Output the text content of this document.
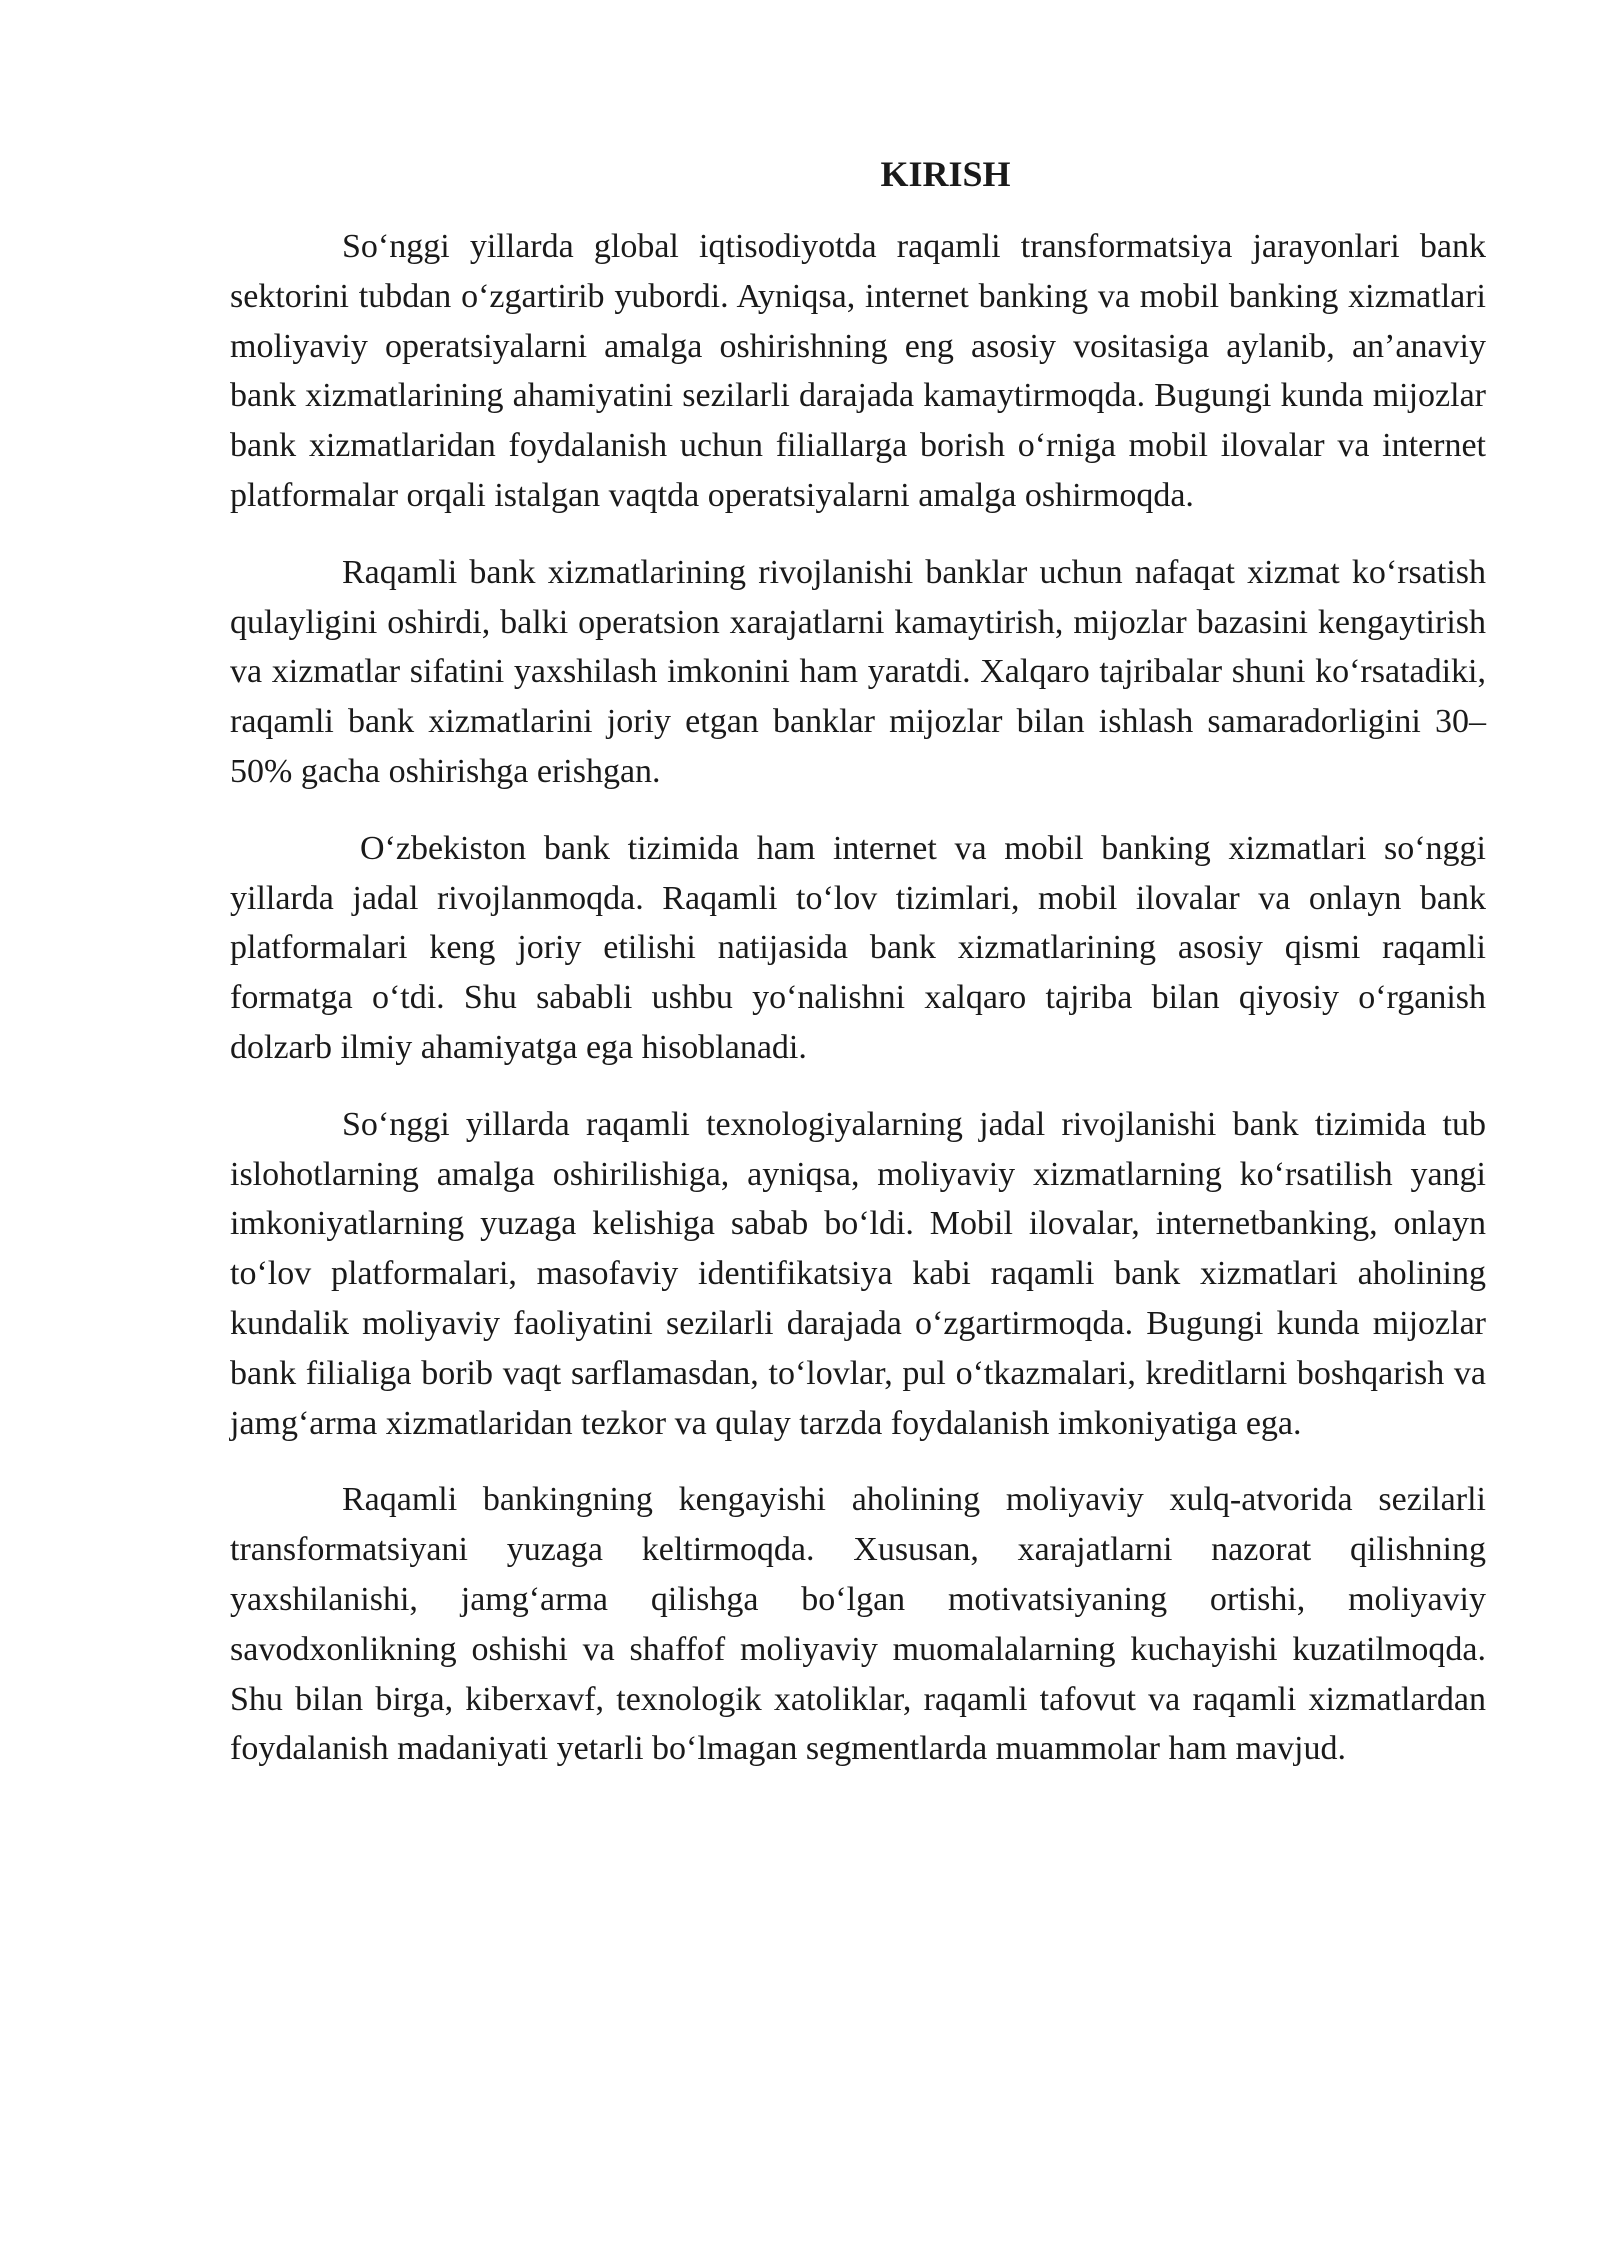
KIRISH

So‘nggi yillarda global iqtisodiyotda raqamli transformatsiya jarayonlari bank sektorini tubdan o‘zgartirib yubordi. Ayniqsa, internet banking va mobil banking xizmatlari moliyaviy operatsiyalarni amalga oshirishning eng asosiy vositasiga aylanib, an’anaviy bank xizmatlarining ahamiyatini sezilarli darajada kamaytirmoqda. Bugungi kunda mijozlar bank xizmatlaridan foydalanish uchun filiallarga borish o‘rniga mobil ilovalar va internet platformalar orqali istalgan vaqtda operatsiyalarni amalga oshirmoqda.

Raqamli bank xizmatlarining rivojlanishi banklar uchun nafaqat xizmat ko‘rsatish qulayligini oshirdi, balki operatsion xarajatlarni kamaytirish, mijozlar bazasini kengaytirish va xizmatlar sifatini yaxshilash imkonini ham yaratdi. Xalqaro tajribalar shuni ko‘rsatadiki, raqamli bank xizmatlarini joriy etgan banklar mijozlar bilan ishlash samaradorligini 30–50% gacha oshirishga erishgan.

O‘zbekiston bank tizimida ham internet va mobil banking xizmatlari so‘nggi yillarda jadal rivojlanmoqda. Raqamli to‘lov tizimlari, mobil ilovalar va onlayn bank platformalari keng joriy etilishi natijasida bank xizmatlarining asosiy qismi raqamli formatga o‘tdi. Shu sababli ushbu yo‘nalishni xalqaro tajriba bilan qiyosiy o‘rganish dolzarb ilmiy ahamiyatga ega hisoblanadi.

So‘nggi yillarda raqamli texnologiyalarning jadal rivojlanishi bank tizimida tub islohotlarning amalga oshirilishiga, ayniqsa, moliyaviy xizmatlarning ko‘rsatilish yangi imkoniyatlarning yuzaga kelishiga sabab bo‘ldi. Mobil ilovalar, internetbanking, onlayn to‘lov platformalari, masofaviy identifikatsiya kabi raqamli bank xizmatlari aholining kundalik moliyaviy faoliyatini sezilarli darajada o‘zgartirmoqda. Bugungi kunda mijozlar bank filialiga borib vaqt sarflamasdan, to‘lovlar, pul o‘tkazmalari, kreditlarni boshqarish va jamg‘arma xizmatlaridan tezkor va qulay tarzda foydalanish imkoniyatiga ega.

Raqamli bankingning kengayishi aholining moliyaviy xulq-atvorida sezilarli transformatsiyani yuzaga keltirmoqda. Xususan, xarajatlarni nazorat qilishning yaxshilanishi, jamg‘arma qilishga bo‘lgan motivatsiyaning ortishi, moliyaviy savodxonlikning oshishi va shaffof moliyaviy muomalalarning kuchayishi kuzatilmoqda. Shu bilan birga, kiberxavf, texnologik xatoliklar, raqamli tafovut va raqamli xizmatlardan foydalanish madaniyati yetarli bo‘lmagan segmentlarda muammolar ham mavjud.
